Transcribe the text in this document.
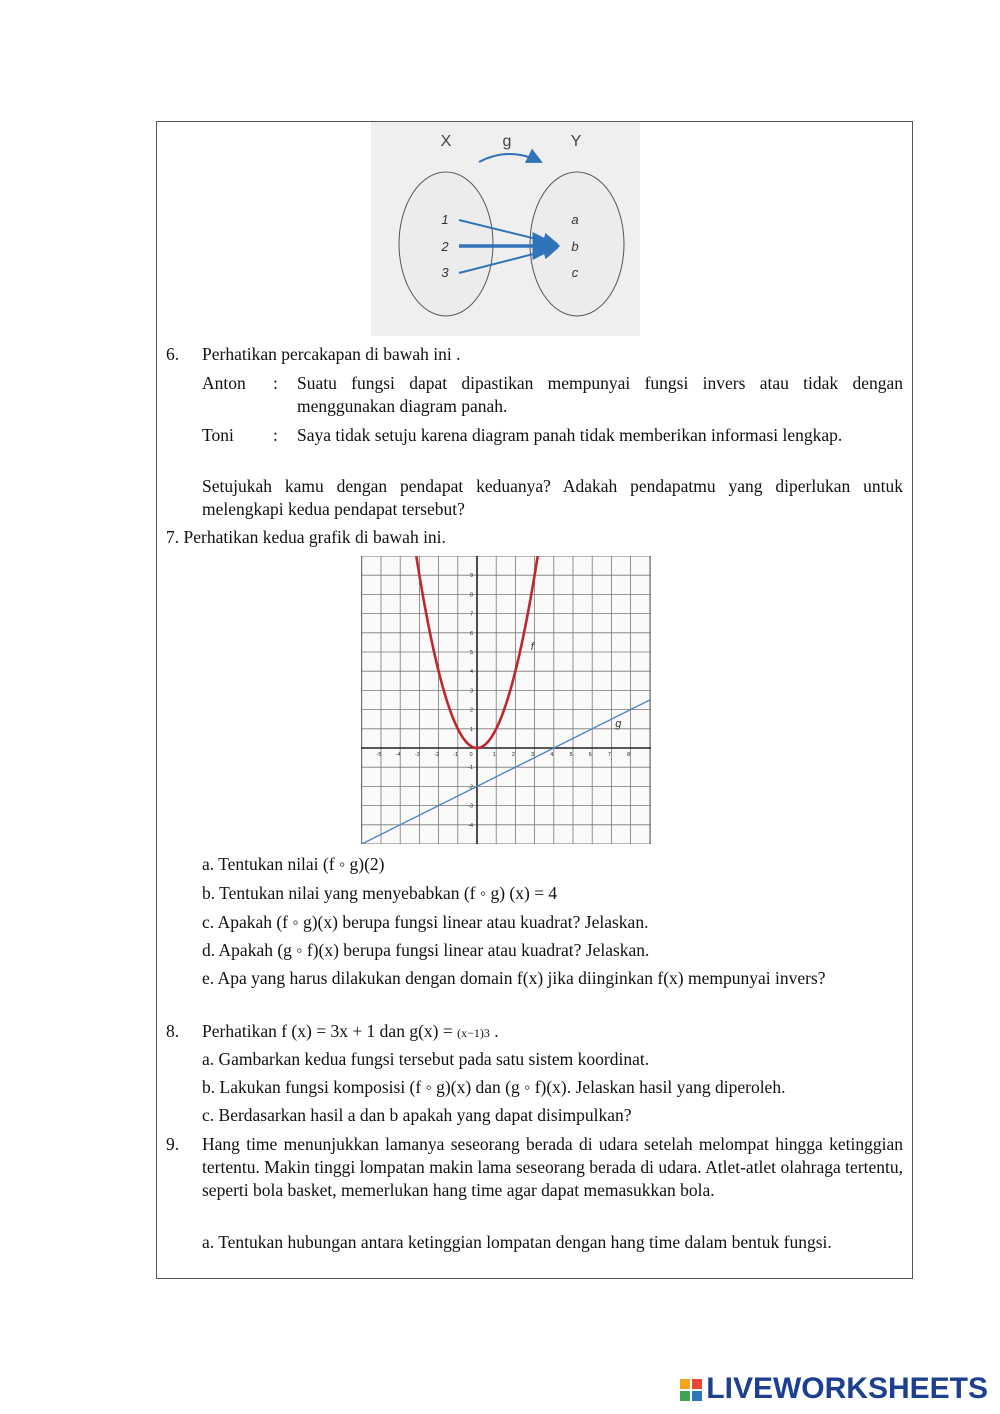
X	g	Y
1
2
3
a
b
c
6. Perhatikan percakapan di bawah ini .
Anton : Suatu fungsi dapat dipastikan mempunyai fungsi invers atau tidak dengan menggunakan diagram panah.
Toni : Saya tidak setuju karena diagram panah tidak memberikan informasi lengkap.
Setujukah kamu dengan pendapat keduanya? Adakah pendapatmu yang diperlukan untuk melengkapi kedua pendapat tersebut?
7. Perhatikan kedua grafik di bawah ini.
-5	-4	-3	-2	-1 0	1	2	3	4	5	6	7	8
-4
-3
-2
-1
1
2
3
4
5
6
7
8
9
f
g
a. Tentukan nilai (f ◦ g)(2)
b. Tentukan nilai yang menyebabkan (f ◦ g) (x) = 4
c. Apakah (f ◦ g)(x) berupa fungsi linear atau kuadrat? Jelaskan.
d. Apakah (g ◦ f)(x) berupa fungsi linear atau kuadrat? Jelaskan.
e. Apa yang harus dilakukan dengan domain f(x) jika diinginkan f(x) mempunyai invers?
8. Perhatikan f (x) = 3x + 1 dan g(x) = (x−1)3 .
a. Gambarkan kedua fungsi tersebut pada satu sistem koordinat.
b. Lakukan fungsi komposisi (f ◦ g)(x) dan (g ◦ f)(x). Jelaskan hasil yang diperoleh.
c. Berdasarkan hasil a dan b apakah yang dapat disimpulkan?
9. Hang time menunjukkan lamanya seseorang berada di udara setelah melompat hingga ketinggian tertentu. Makin tinggi lompatan makin lama seseorang berada di udara. Atlet-atlet olahraga tertentu, seperti bola basket, memerlukan hang time agar dapat memasukkan bola.
a. Tentukan hubungan antara ketinggian lompatan dengan hang time dalam bentuk fungsi.
LIVEWORKSHEETS
